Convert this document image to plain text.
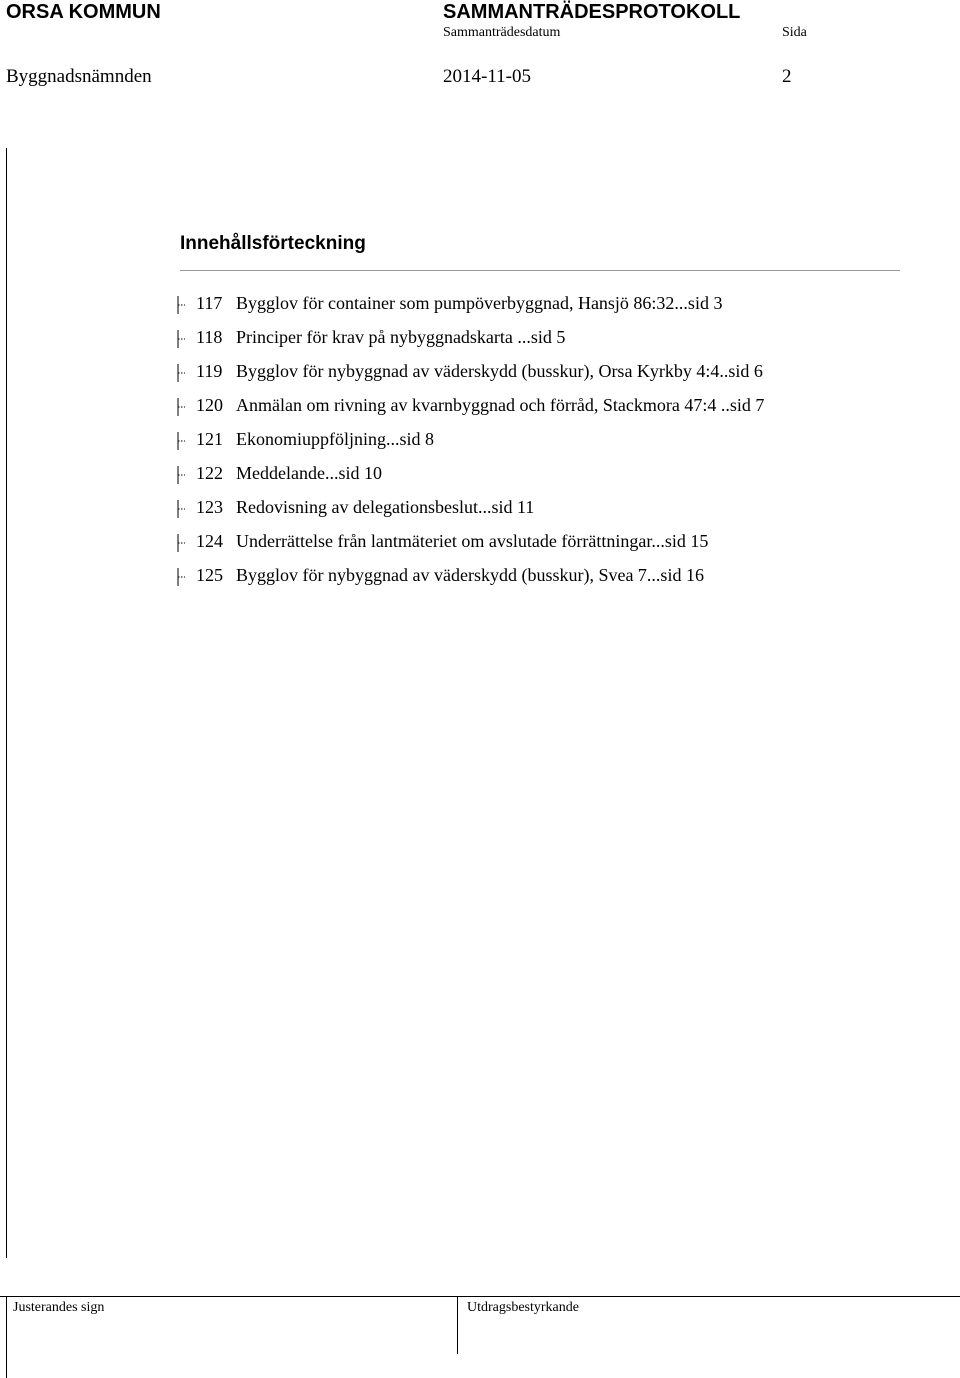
ORSA KOMMUN	SAMMANTRÄDESPROTOKOLL
Sammanträdesdatum	Sida
Byggnadsnämnden	2014-11-05	2
Innehållsförteckning
117 Bygglov för container som pumpöverbyggnad, Hansjö 86:32...sid 3
118 Principer för krav på nybyggnadskarta ...sid 5
119 Bygglov för nybyggnad av väderskydd (busskur), Orsa Kyrkby 4:4..sid 6
120 Anmälan om rivning av kvarnbyggnad och förråd, Stackmora 47:4 ..sid 7
121 Ekonomiuppföljning...sid 8
122 Meddelande...sid 10
123 Redovisning av delegationsbeslut...sid 11
124 Underrättelse från lantmäteriet om avslutade förrättningar...sid 15
125 Bygglov för nybyggnad av väderskydd (busskur), Svea 7...sid 16
Justerandes sign	Utdragsbestyrkande
